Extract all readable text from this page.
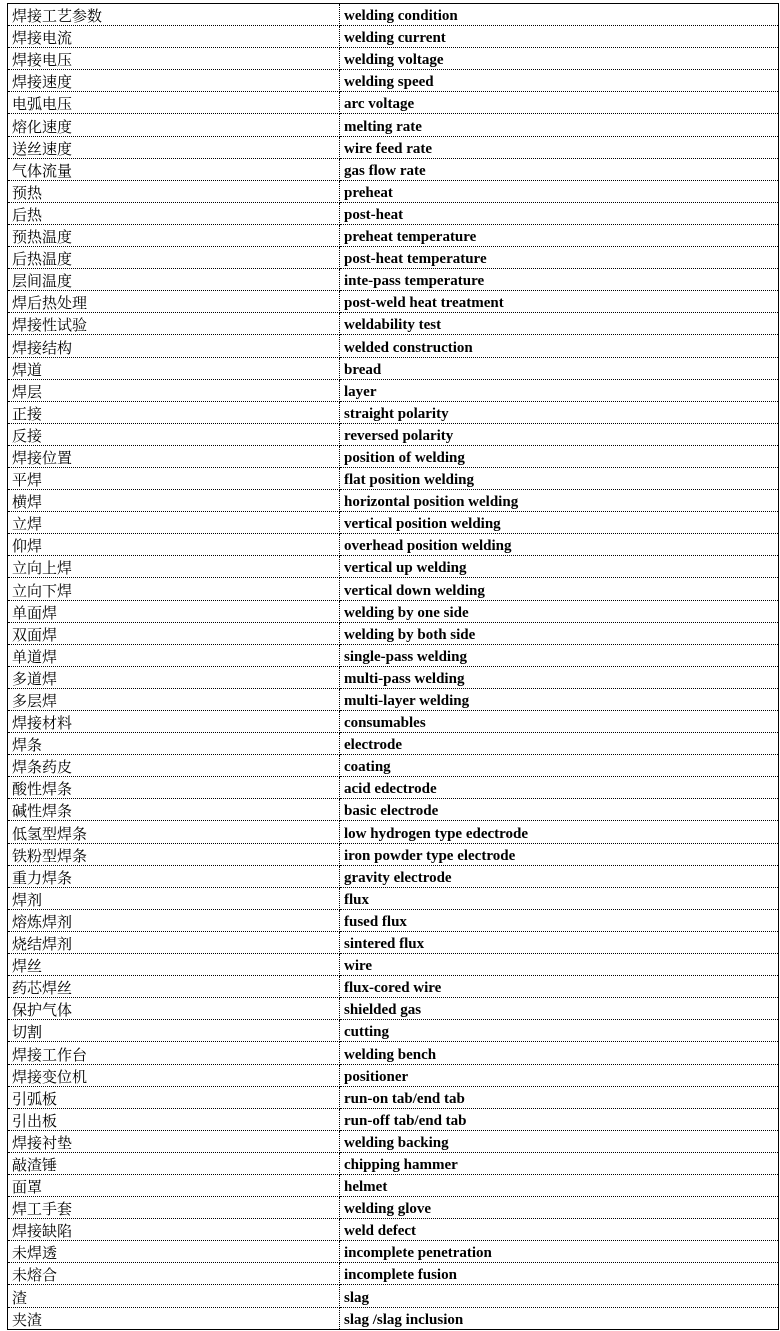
焊接工艺参数	welding condition
焊接电流	welding current
焊接电压	welding voltage
焊接速度	welding speed
电弧电压	arc voltage
熔化速度	melting rate
送丝速度	wire feed rate
气体流量	gas flow rate
预热	preheat
后热	post-heat
预热温度	preheat temperature
后热温度	post-heat temperature
层间温度	inte-pass temperature
焊后热处理	post-weld heat treatment
焊接性试验	weldability test
焊接结构	welded construction
焊道	bread
焊层	layer
正接	straight polarity
反接	reversed polarity
焊接位置	position of welding
平焊	flat position welding
横焊	horizontal position welding
立焊	vertical position welding
仰焊	overhead position welding
立向上焊	vertical up welding
立向下焊	vertical down welding
单面焊	welding by one side
双面焊	welding by both side
单道焊	single-pass welding
多道焊	multi-pass welding
多层焊	multi-layer welding
焊接材料	consumables
焊条	electrode
焊条药皮	coating
酸性焊条	acid edectrode
碱性焊条	basic electrode
低氢型焊条	low hydrogen type edectrode
铁粉型焊条	iron powder type electrode
重力焊条	gravity electrode
焊剂	flux
熔炼焊剂	fused flux
烧结焊剂	sintered flux
焊丝	wire
药芯焊丝	flux-cored wire
保护气体	shielded gas
切割	cutting
焊接工作台	welding bench
焊接变位机	positioner
引弧板	run-on tab/end tab
引出板	run-off tab/end tab
焊接衬垫	welding backing
敲渣锤	chipping hammer
面罩	helmet
焊工手套	welding glove
焊接缺陷	weld defect
未焊透	incomplete penetration
未熔合	incomplete fusion
渣	slag
夹渣	slag /slag inclusion
